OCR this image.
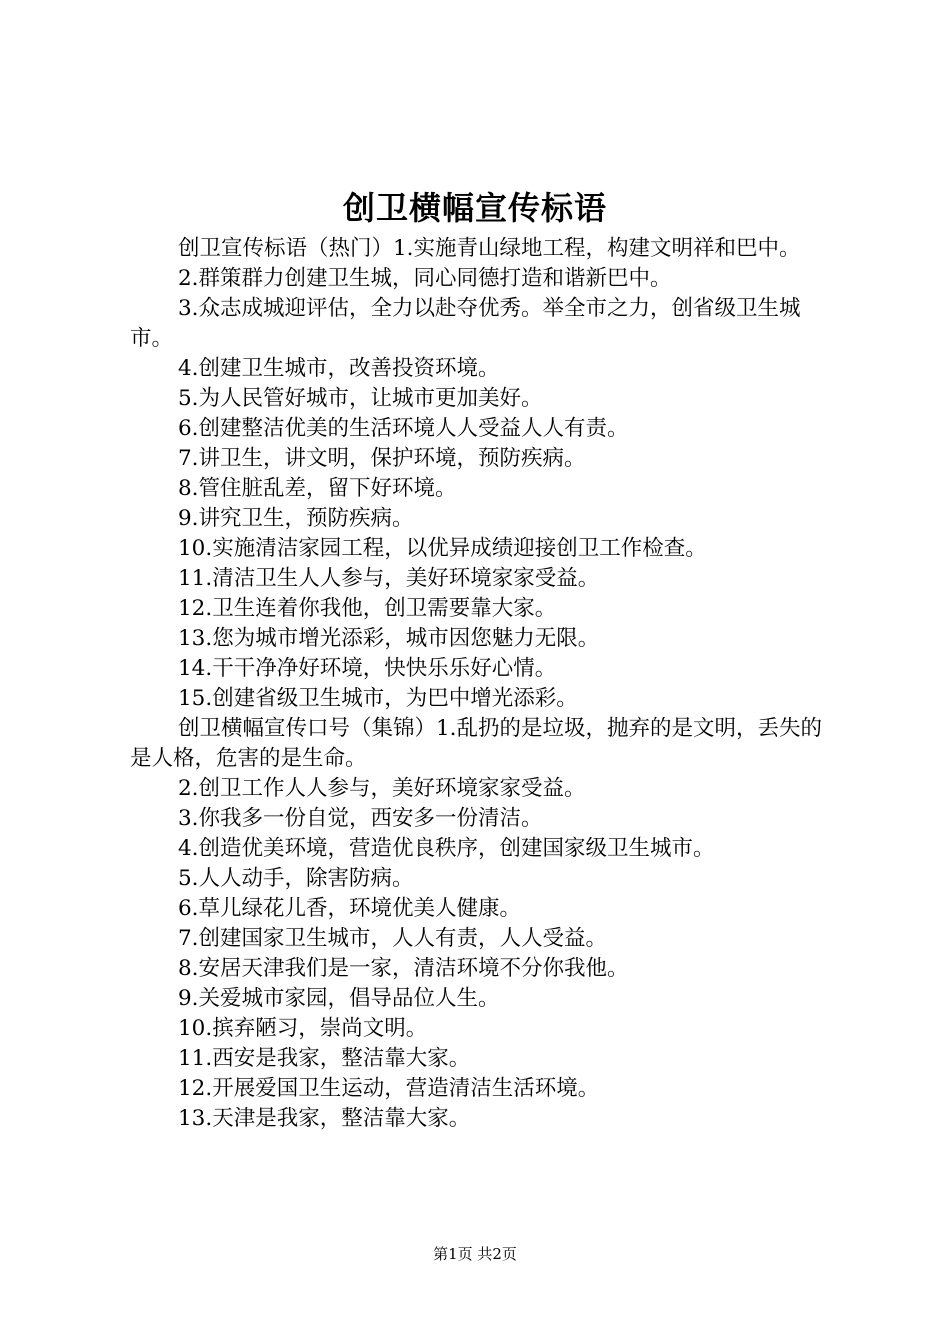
创卫横幅宣传标语

创卫宣传标语（热门）1.实施青山绿地工程，构建文明祥和巴中。

2.群策群力创建卫生城，同心同德打造和谐新巴中。

3.众志成城迎评估，全力以赴夺优秀。举全市之力，创省级卫生城市。

4.创建卫生城市，改善投资环境。

5.为人民管好城市，让城市更加美好。

6.创建整洁优美的生活环境人人受益人人有责。

7.讲卫生，讲文明，保护环境，预防疾病。

8.管住脏乱差，留下好环境。

9.讲究卫生，预防疾病。

10.实施清洁家园工程，以优异成绩迎接创卫工作检查。

11.清洁卫生人人参与，美好环境家家受益。

12.卫生连着你我他，创卫需要靠大家。

13.您为城市增光添彩，城市因您魅力无限。

14.干干净净好环境，快快乐乐好心情。

15.创建省级卫生城市，为巴中增光添彩。

创卫横幅宣传口号（集锦）1.乱扔的是垃圾，抛弃的是文明，丢失的是人格，危害的是生命。

2.创卫工作人人参与，美好环境家家受益。

3.你我多一份自觉，西安多一份清洁。

4.创造优美环境，营造优良秩序，创建国家级卫生城市。

5.人人动手，除害防病。

6.草儿绿花儿香，环境优美人健康。

7.创建国家卫生城市，人人有责，人人受益。

8.安居天津我们是一家，清洁环境不分你我他。

9.关爱城市家园，倡导品位人生。

10.摈弃陋习，崇尚文明。

11.西安是我家，整洁靠大家。

12.开展爱国卫生运动，营造清洁生活环境。

13.天津是我家，整洁靠大家。

第1页 共2页
